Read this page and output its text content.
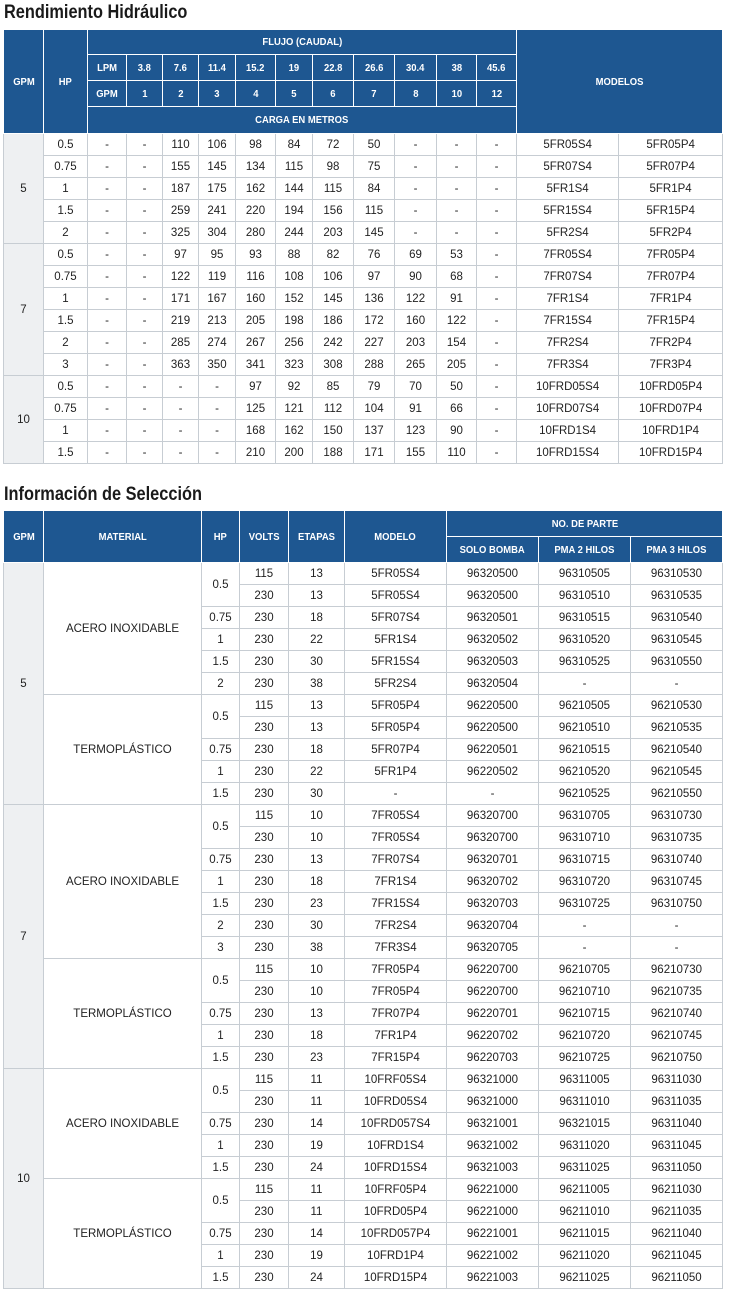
Rendimiento Hidráulico
GPM	HP	FLUJO (CAUDAL)											MODELOS	
		LPM	3.8	7.6	11.4	15.2	19	22.8	26.6	30.4	38	45.6		
		GPM	1	2	3	4	5	6	7	8	10	12		
		CARGA EN METROS												
5	0.5	-	-	110	106	98	84	72	50	-	-	-	5FR05S4	5FR05P4
	0.75	-	-	155	145	134	115	98	75	-	-	-	5FR07S4	5FR07P4
	1	-	-	187	175	162	144	115	84	-	-	-	5FR1S4	5FR1P4
	1.5	-	-	259	241	220	194	156	115	-	-	-	5FR15S4	5FR15P4
	2	-	-	325	304	280	244	203	145	-	-	-	5FR2S4	5FR2P4
7	0.5	-	-	97	95	93	88	82	76	69	53	-	7FR05S4	7FR05P4
	0.75	-	-	122	119	116	108	106	97	90	68	-	7FR07S4	7FR07P4
	1	-	-	171	167	160	152	145	136	122	91	-	7FR1S4	7FR1P4
	1.5	-	-	219	213	205	198	186	172	160	122	-	7FR15S4	7FR15P4
	2	-	-	285	274	267	256	242	227	203	154	-	7FR2S4	7FR2P4
	3	-	-	363	350	341	323	308	288	265	205	-	7FR3S4	7FR3P4
10	0.5	-	-	-	-	97	92	85	79	70	50	-	10FRD05S4	10FRD05P4
	0.75	-	-	-	-	125	121	112	104	91	66	-	10FRD07S4	10FRD07P4
	1	-	-	-	-	168	162	150	137	123	90	-	10FRD1S4	10FRD1P4
	1.5	-	-	-	-	210	200	188	171	155	110	-	10FRD15S4	10FRD15P4
Información de Selección
GPM	MATERIAL	HP	VOLTS	ETAPAS	MODELO	NO. DE PARTE		
						SOLO BOMBA	PMA 2 HILOS	PMA 3 HILOS
5	ACERO INOXIDABLE	0.5	115	13	5FR05S4	96320500	96310505	96310530
			230	13	5FR05S4	96320500	96310510	96310535
		0.75	230	18	5FR07S4	96320501	96310515	96310540
		1	230	22	5FR1S4	96320502	96310520	96310545
		1.5	230	30	5FR15S4	96320503	96310525	96310550
		2	230	38	5FR2S4	96320504	-	-
	TERMOPLÁSTICO	0.5	115	13	5FR05P4	96220500	96210505	96210530
			230	13	5FR05P4	96220500	96210510	96210535
		0.75	230	18	5FR07P4	96220501	96210515	96210540
		1	230	22	5FR1P4	96220502	96210520	96210545
		1.5	230	30	-	-	96210525	96210550
7	ACERO INOXIDABLE	0.5	115	10	7FR05S4	96320700	96310705	96310730
			230	10	7FR05S4	96320700	96310710	96310735
		0.75	230	13	7FR07S4	96320701	96310715	96310740
		1	230	18	7FR1S4	96320702	96310720	96310745
		1.5	230	23	7FR15S4	96320703	96310725	96310750
		2	230	30	7FR2S4	96320704	-	-
		3	230	38	7FR3S4	96320705	-	-
	TERMOPLÁSTICO	0.5	115	10	7FR05P4	96220700	96210705	96210730
			230	10	7FR05P4	96220700	96210710	96210735
		0.75	230	13	7FR07P4	96220701	96210715	96210740
		1	230	18	7FR1P4	96220702	96210720	96210745
		1.5	230	23	7FR15P4	96220703	96210725	96210750
10	ACERO INOXIDABLE	0.5	115	11	10FRF05S4	96321000	96311005	96311030
			230	11	10FRD05S4	96321000	96311010	96311035
		0.75	230	14	10FRD057S4	96321001	96321015	96311040
		1	230	19	10FRD1S4	96321002	96311020	96311045
		1.5	230	24	10FRD15S4	96321003	96311025	96311050
	TERMOPLÁSTICO	0.5	115	11	10FRF05P4	96221000	96211005	96211030
			230	11	10FRD05P4	96221000	96211010	96211035
		0.75	230	14	10FRD057P4	96221001	96211015	96211040
		1	230	19	10FRD1P4	96221002	96211020	96211045
		1.5	230	24	10FRD15P4	96221003	96211025	96211050
